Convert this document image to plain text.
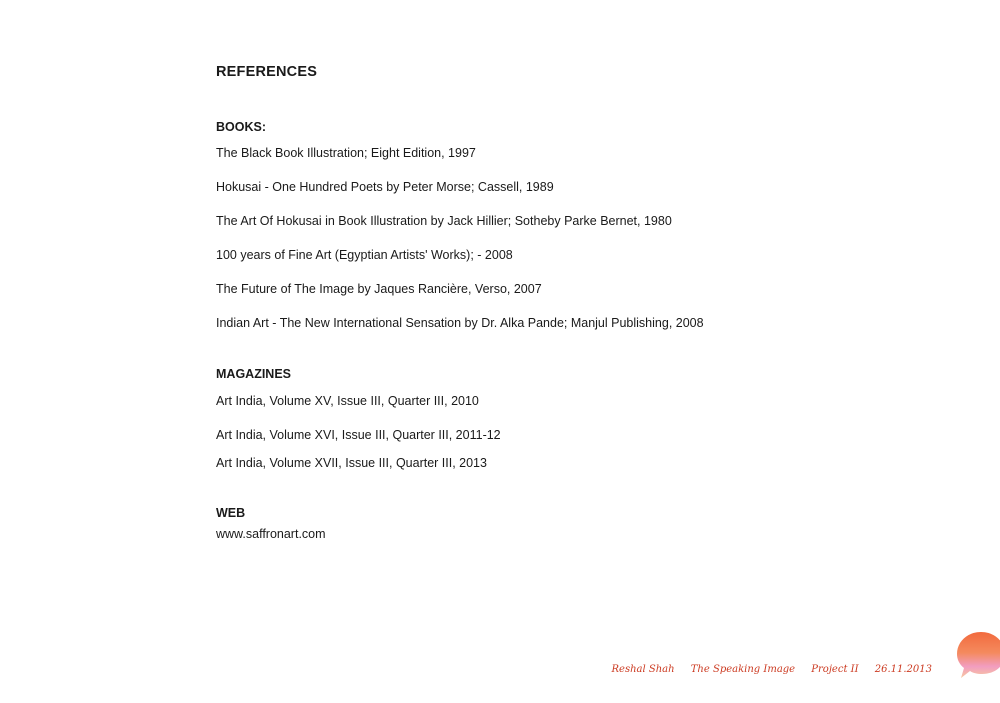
REFERENCES
BOOKS:

The Black Book Illustration; Eight Edition, 1997

Hokusai - One Hundred Poets by Peter Morse; Cassell, 1989

The Art Of Hokusai in Book Illustration by Jack Hillier; Sotheby Parke Bernet, 1980

100 years of Fine Art (Egyptian Artists' Works); - 2008

The Future of The Image by Jaques Rancière, Verso, 2007

Indian Art - The New International Sensation by Dr. Alka Pande; Manjul Publishing, 2008

MAGAZINES

Art India, Volume XV, Issue III, Quarter III, 2010

Art India, Volume XVI, Issue III, Quarter III, 2011-12

Art India, Volume XVII, Issue III, Quarter III, 2013

WEB

www.saffronart.com

Reshal Shah The Speaking Image Project II 26.11.2013
